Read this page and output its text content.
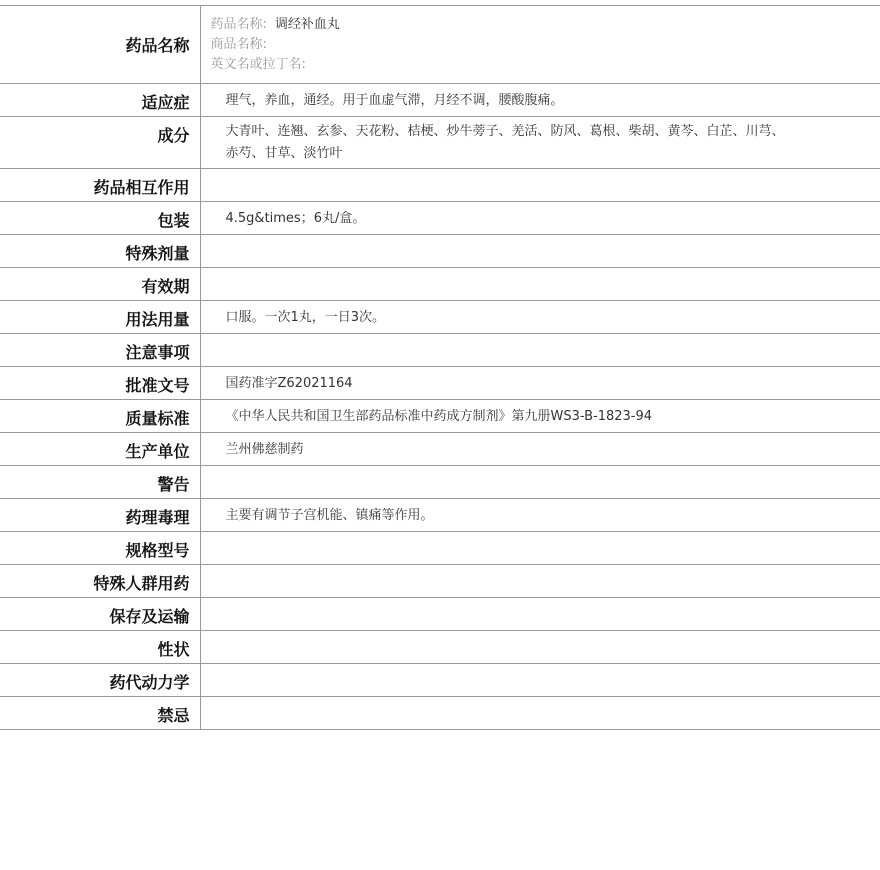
药品名称	药品名称: 调经补血丸
商品名称:
英文名或拉丁名:

适应症	理气，养血，通经。用于血虚气滞，月经不调，腰酸腹痛。
成分	大青叶、连翘、玄参、天花粉、桔梗、炒牛蒡子、羌活、防风、葛根、柴胡、黄芩、白芷、川芎、赤芍、甘草、淡竹叶

药品相互作用	
包装	4.5g&times；6丸/盒。
特殊剂量	
有效期	
用法用量	口服。一次1丸，一日3次。
注意事项	
批准文号	国药准字Z62021164
质量标准	《中华人民共和国卫生部药品标准中药成方制剂》第九册WS3-B-1823-94
生产单位	兰州佛慈制药
警告	
药理毒理	主要有调节子宫机能、镇痛等作用。
规格型号	
特殊人群用药	
保存及运输	
性状	
药代动力学	
禁忌	
